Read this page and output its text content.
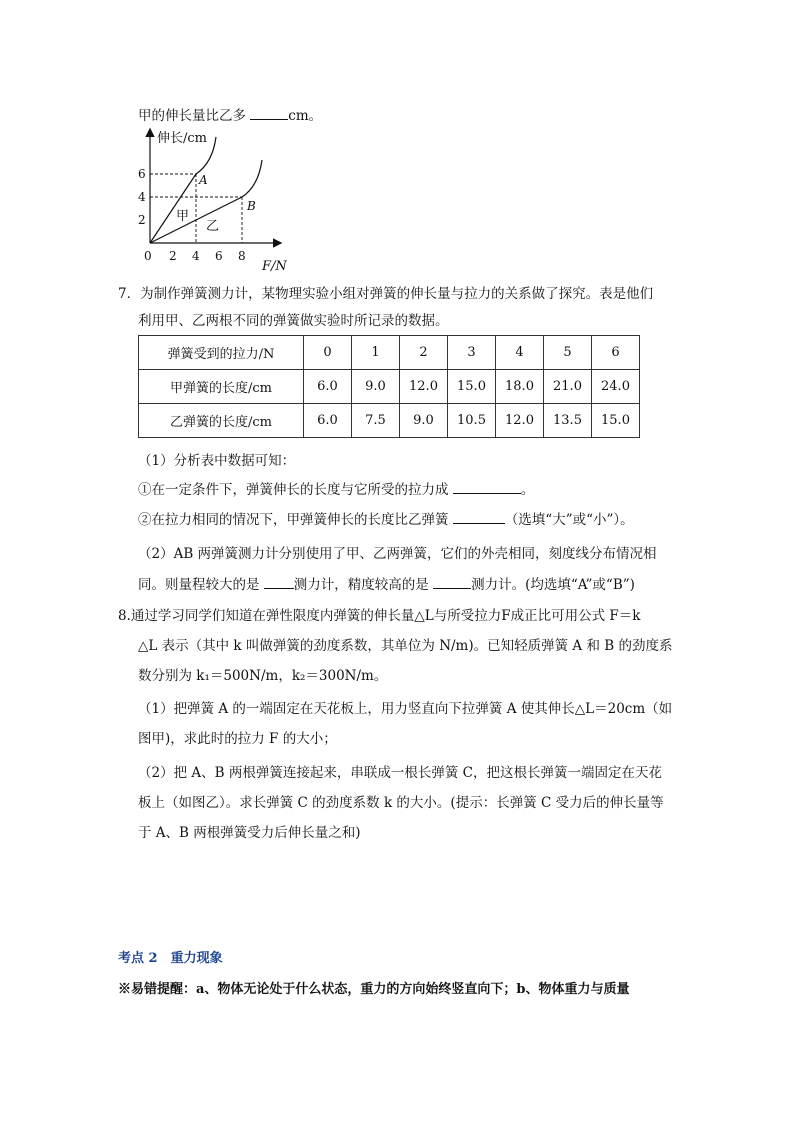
甲的伸长量比乙多	cm。
6
4
2
0 2 4 6 8
伸长/cm
F/N
A
B
甲
乙
7．为制作弹簧测力计，某物理实验小组对弹簧的伸长量与拉力的关系做了探究。表是他们
利用甲、乙两根不同的弹簧做实验时所记录的数据。
弹簧受到的拉力/N	0	1	2	3	4	5	6
甲弹簧的长度/cm	6.0	9.0	12.0	15.0	18.0	21.0	24.0
乙弹簧的长度/cm	6.0	7.5	9.0	10.5	12.0	13.5	15.0
（1）分析表中数据可知：
①在一定条件下，弹簧伸长的长度与它所受的拉力成	。
②在拉力相同的情况下，甲弹簧伸长的长度比乙弹簧	（选填“大”或“小”）。
（2）AB 两弹簧测力计分别使用了甲、乙两弹簧，它们的外壳相同，刻度线分布情况相
同。则量程较大的是 测力计，精度较高的是	测力计。(均选填“A”或“B”)
8.通过学习同学们知道在弹性限度内弹簧的伸长量△L与所受拉力F成正比可用公式 F＝k
△L 表示（其中 k 叫做弹簧的劲度系数，其单位为 N/m)。已知轻质弹簧 A 和 B 的劲度系
数分别为 k₁＝500N/m，k₂＝300N/m。
（1）把弹簧 A 的一端固定在天花板上，用力竖直向下拉弹簧 A 使其伸长△L＝20cm（如
图甲)，求此时的拉力 F 的大小；
（2）把 A、B 两根弹簧连接起来，串联成一根长弹簧 C，把这根长弹簧一端固定在天花
板上（如图乙）。求长弹簧 C 的劲度系数 k 的大小。(提示：长弹簧 C 受力后的伸长量等
于 A、B 两根弹簧受力后伸长量之和)
考点 2　重力现象
※易错提醒：a、物体无论处于什么状态，重力的方向始终竖直向下；b、物体重力与质量
